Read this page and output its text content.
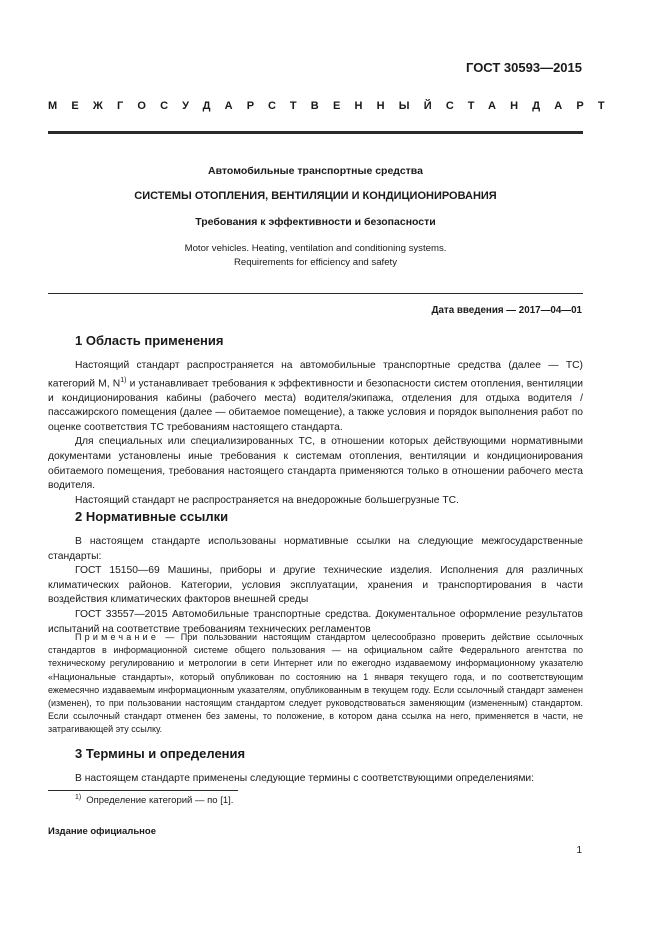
ГОСТ 30593—2015
МЕЖГОСУДАРСТВЕННЫЙ СТАНДАРТ
Автомобильные транспортные средства
СИСТЕМЫ ОТОПЛЕНИЯ, ВЕНТИЛЯЦИИ И КОНДИЦИОНИРОВАНИЯ
Требования к эффективности и безопасности
Motor vehicles. Heating, ventilation and conditioning systems.
Requirements for efficiency and safety
Дата введения — 2017—04—01
1 Область применения

Настоящий стандарт распространяется на автомобильные транспортные средства (далее — ТС) категорий M, $N^{1)}$ и устанавливает требования к эффективности и безопасности систем отопления, вентиляции и кондиционирования кабины (рабочего места) водителя/экипажа, отделения для отдыха водителя /пассажирского помещения (далее — обитаемое помещение), а также условия и порядок выполнения работ по оценке соответствия ТС требованиям настоящего стандарта.

Для специальных или специализированных ТС, в отношении которых действующими нормативными документами установлены иные требования к системам отопления, вентиляции и кондиционирования обитаемого помещения, требования настоящего стандарта применяются только в отношении рабочего места водителя.

Настоящий стандарт не распространяется на внедорожные большегрузные ТС.

2 Нормативные ссылки

В настоящем стандарте использованы нормативные ссылки на следующие межгосударственные стандарты:

ГОСТ 15150—69 Машины, приборы и другие технические изделия. Исполнения для различных климатических районов. Категории, условия эксплуатации, хранения и транспортирования в части воздействия климатических факторов внешней среды

ГОСТ 33557—2015 Автомобильные транспортные средства. Документальное оформление результатов испытаний на соответствие требованиям технических регламентов

Примечание — При пользовании настоящим стандартом целесообразно проверить действие ссылочных стандартов в информационной системе общего пользования — на официальном сайте Федерального агентства по техническому регулированию и метрологии в сети Интернет или по ежегодно издаваемому информационному указателю «Национальные стандарты», который опубликован по состоянию на 1 января текущего года, и по соответствующим ежемесячно издаваемым информационным указателям, опубликованным в текущем году. Если ссылочный стандарт заменен (изменен), то при пользовании настоящим стандартом следует руководствоваться заменяющим (измененным) стандартом. Если ссылочный стандарт отменен без замены, то положение, в котором дана ссылка на него, применяется в части, не затрагивающей эту ссылку.

3 Термины и определения

В настоящем стандарте применены следующие термины с соответствующими определениями:

$^{1)}$ Определение категорий — по [1].
Издание официальное
1
